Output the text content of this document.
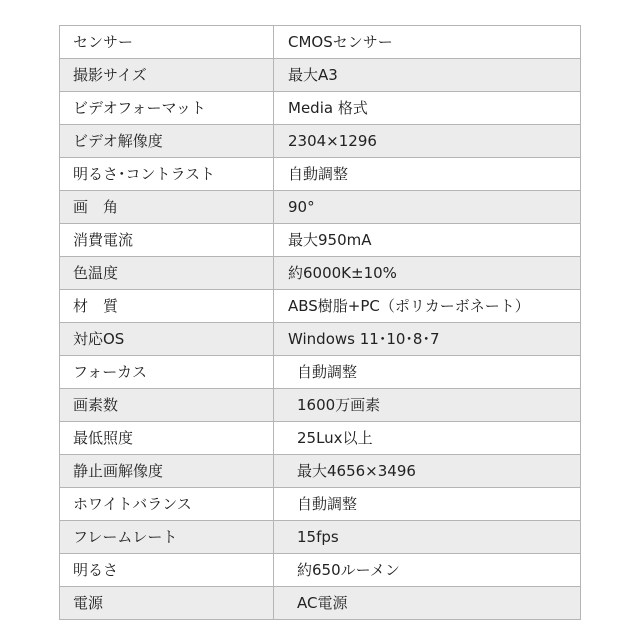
センサー	CMOSセンサー
撮影サイズ	最大A3
ビデオフォーマット	Media 格式
ビデオ解像度	2304×1296
明るさ･コントラスト	自動調整
画　角	90°
消費電流	最大950mA
色温度	約6000K±10%
材　質	ABS樹脂+PC（ポリカーボネート）
対応OS	Windows 11･10･8･7
フォーカス	自動調整
画素数	1600万画素
最低照度	25Lux以上
静止画解像度	最大4656×3496
ホワイトバランス	自動調整
フレームレート	15fps
明るさ	約650ルーメン
電源	AC電源
